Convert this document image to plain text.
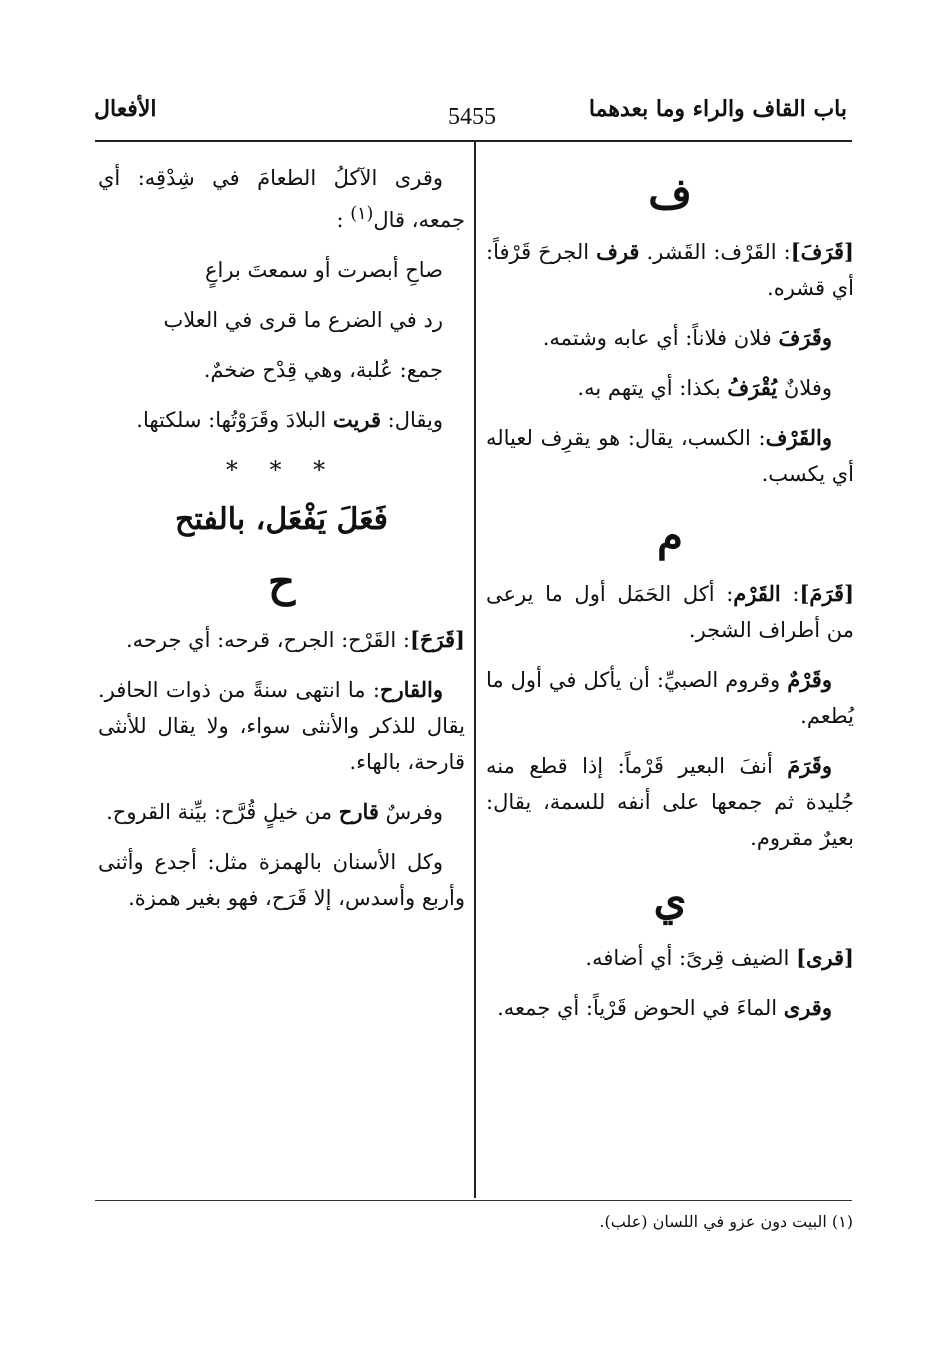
باب القاف والراء وما بعدهما
5455
الأفعال
ف

[قَرَفَ]: القَرْف: القَشر. قرف الجرحَ قَرْفاً: أي قشره.

وقَرَفَ فلان فلاناً: أي عابه وشتمه.

وفلانٌ يُقْرَفُ بكذا: أي يتهم به.

والقَرْف: الكسب، يقال: هو يقرِف لعياله أي يكسب.

م

[قَرَمَ]: القَرْم: أكل الحَمَل أول ما يرعى من أطراف الشجر.

وقَرْمٌ وقروم الصبيِّ: أن يأكل في أول ما يُطعم.

وقَرَمَ أنفَ البعير قَرْماً: إذا قطع منه جُليدة ثم جمعها على أنفه للسمة، يقال: بعيرٌ مقروم.

ي

[قرى] الضيف قِرىً: أي أضافه.

وقرى الماءَ في الحوض قَرْياً: أي جمعه.

وقرى الآكلُ الطعامَ في شِدْقِه: أي جمعه، قال$^{(١)}$ :

صاحِ أبصرت أو سمعتَ براعٍ

رد في الضرع ما قرى في العلاب

جمع: عُلبة، وهي قِدْح ضخمٌ.

ويقال: قريت البلادَ وقَرَوْتُها: سلكتها.

* * *
فَعَلَ يَفْعَل، بالفتح
ح

[قَرَحَ]: القَرْح: الجرح، قرحه: أي جرحه.

والقارح: ما انتهى سنةً من ذوات الحافر. يقال للذكر والأنثى سواء، ولا يقال للأنثى قارحة، بالهاء.

وفرسٌ قارح من خيلٍ قُرَّح: بيِّنة القروح.

وكل الأسنان بالهمزة مثل: أجدع وأثنى وأربع وأسدس، إلا قَرَح، فهو بغير همزة.

(١) البيت دون عزو في اللسان (علب).
